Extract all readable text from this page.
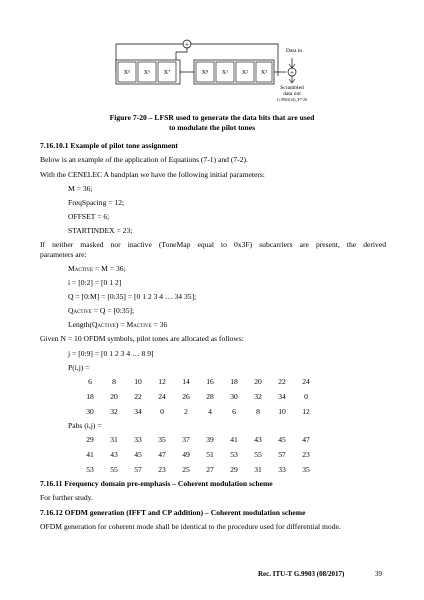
+
X⁵ X⁶ X⁷	X⁸ X¹ X² X³	+
Data in
Scrambled
data out
G.9903(14)_F7-20
Figure 7-20 – LFSR used to generate the data bits that are used
to modulate the pilot tones
7.16.10.1 Example of pilot tone assignment
Below is an example of the application of Equations (7-1) and (7-2).
With the CENELEC A bandplan we have the following initial parameters:
M = 36;
FreqSpacing = 12;
OFFSET = 6;
STARTINDEX = 23;
If neither masked nor inactive (ToneMap equal to 0x3F) subcarriers are present, the derived
parameters are:
Mactive = M = 36;
i = [0:2] = [0 1 2]
Q = [0:M] = [0:35] = [0 1 2 3 4 … 34 35];
Qactive = Q = [0:35];
Length(Qactive) = Mactive = 36
Given N = 10 OFDM symbols, pilot tones are allocated as follows:
j = [0:9] = [0 1 2 3 4 … 8 9]
P(i,j) =
6	8	10	12	14	16	18	20	22	24
18	20	22	24	26	28	30	32	34	0
30	32	34	0	2	4	6	8	10	12
Pabs (i,j) =
29	31	33	35	37	39	41	43	45	47
41	43	45	47	49	51	53	55	57	23
53	55	57	23	25	27	29	31	33	35
7.16.11 Frequency domain pre-emphasis – Coherent modulation scheme
For further study.
7.16.12 OFDM generation (IFFT and CP addition) – Coherent modulation scheme
OFDM generation for coherent mode shall be identical to the procedure used for differential mode.
Rec. ITU-T G.9903 (08/2017)	39
